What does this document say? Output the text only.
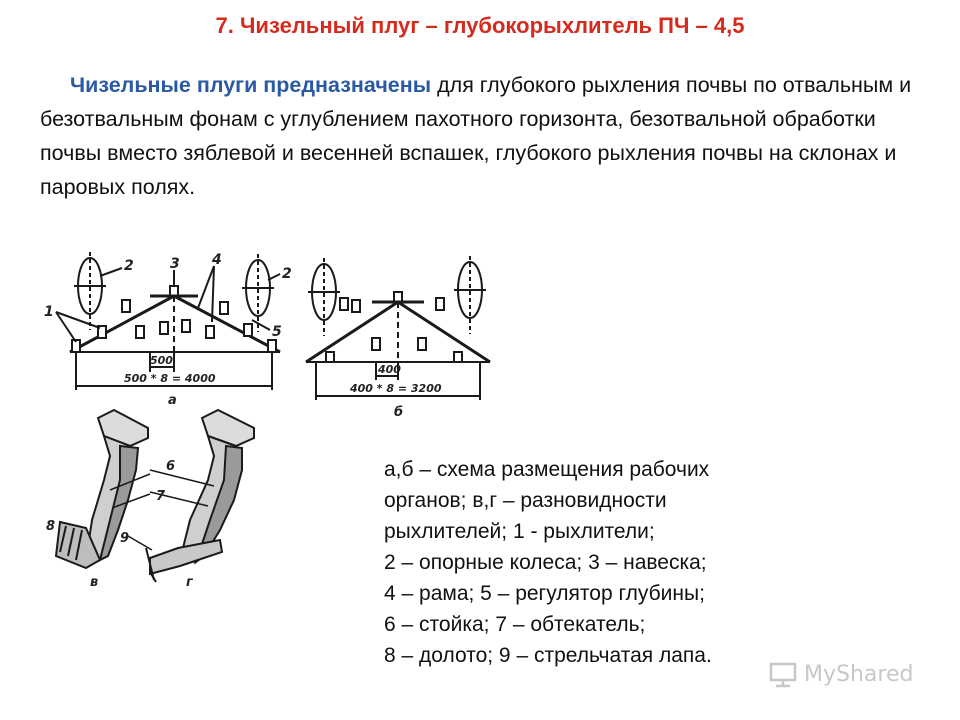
7. Чизельный плуг – глубокорыхлитель ПЧ – 4,5
Чизельные плуги предназначены для глубокого рыхления почвы по отвальным и безотвальным фонам с углублением пахотного горизонта, безотвальной обработки почвы вместо зяблевой и весенней вспашек, глубокого рыхления почвы на склонах и паровых полях.
1
2	3 4
2
5
500
500 * 8 = 4000
а
400
400 * 8 = 3200
б
6
7
8
9
в	г
а,б – схема размещения рабочих
органов; в,г – разновидности
рыхлителей; 1 - рыхлители;
2 – опорные колеса; 3 – навеска;
4 – рама; 5 – регулятор глубины;
6 – стойка; 7 – обтекатель;
8 – долото; 9 – стрельчатая лапа.
MyShared
